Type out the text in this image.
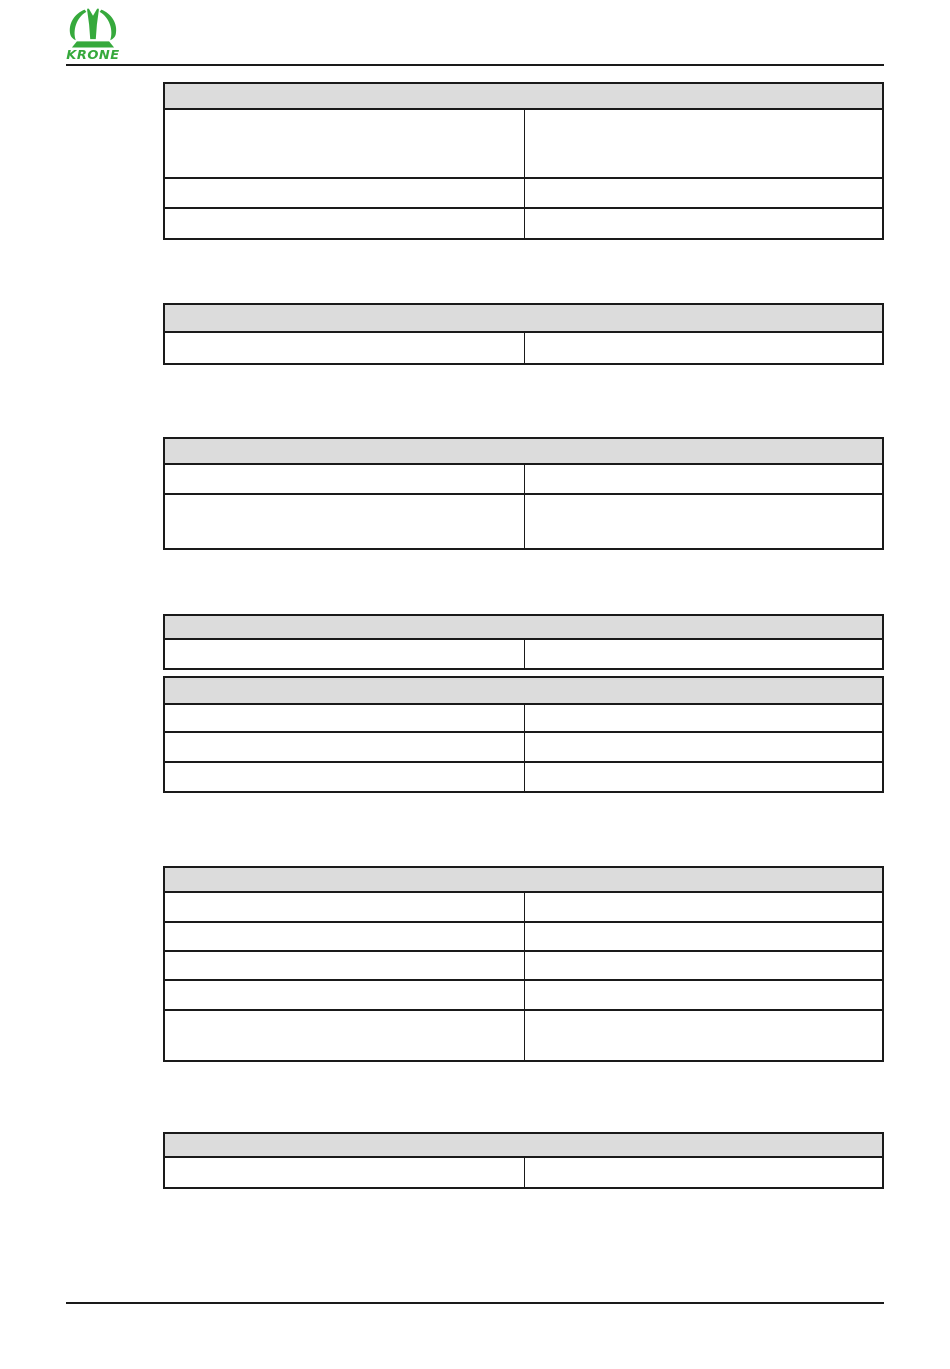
KRONE
